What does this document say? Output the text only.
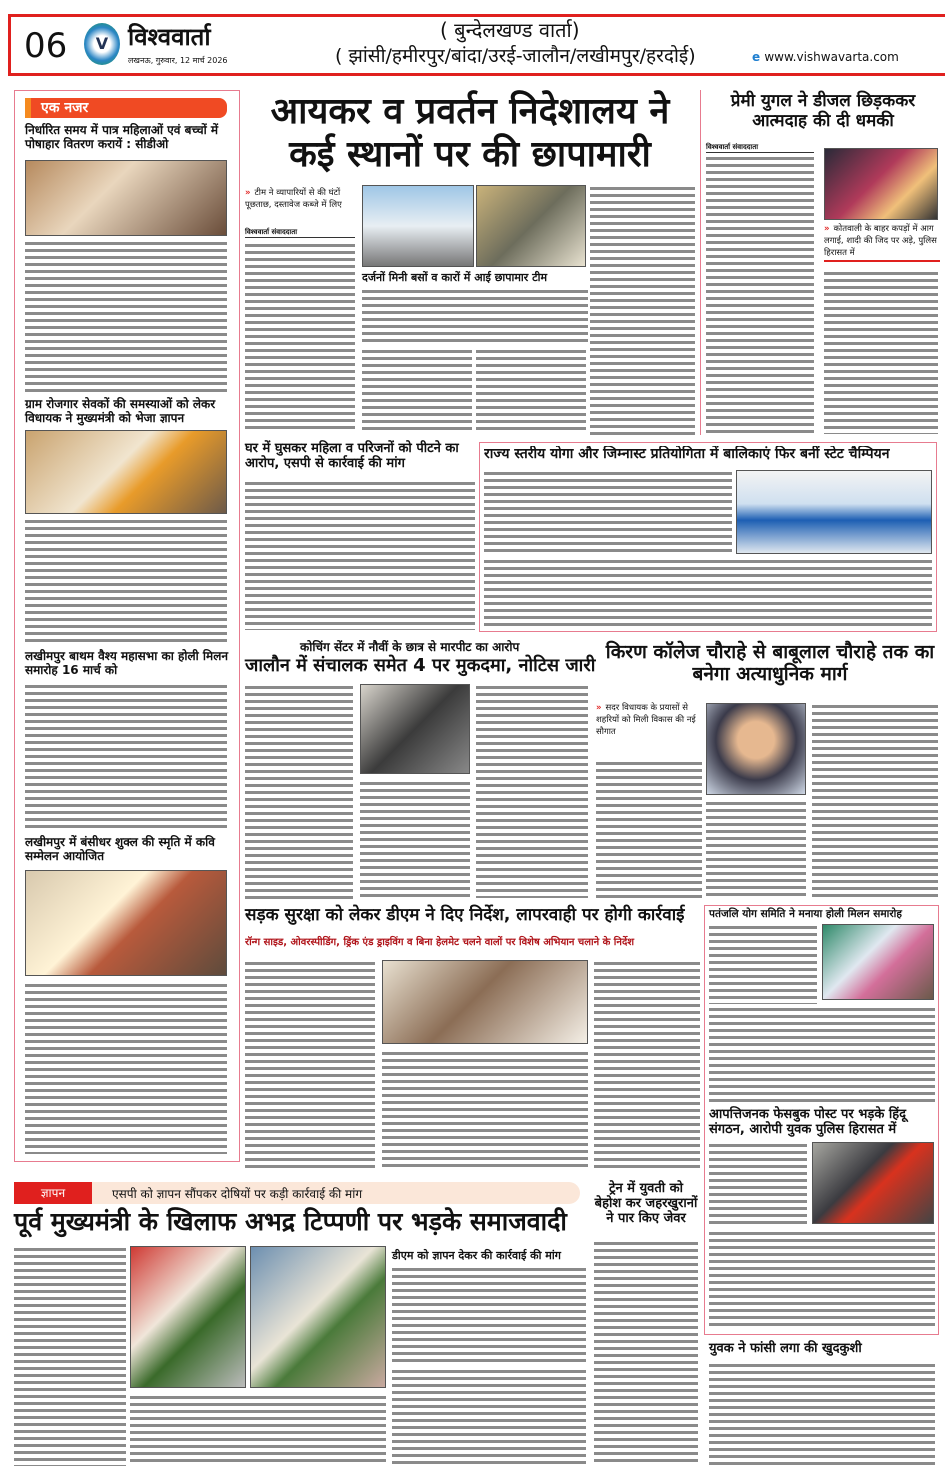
06	V विश्ववार्ता
लखनऊ, गुरुवार, 12 मार्च 2026
( बुन्देलखण्ड वार्ता)
( झांसी/हमीरपुर/बांदा/उरई-जालौन/लखीमपुर/हरदोई)	e www.vishwavarta.com
एक नजर
निर्धारित समय में पात्र महिलाओं एवं बच्चों में पोषाहार वितरण करायें : सीडीओ
ग्राम रोजगार सेवकों की समस्याओं को लेकर विधायक ने मुख्यमंत्री को भेजा ज्ञापन
लखीमपुर बाथम वैश्य महासभा का होली मिलन समारोह 16 मार्च को
लखीमपुर में बंसीधर शुक्ल की स्मृति में कवि सम्मेलन आयोजित
आयकर व प्रवर्तन निदेशालय ने कई स्थानों पर की छापामारी
» टीम ने व्यापारियों से की घंटों पूछताछ, दस्तावेज कब्जे में लिए
विश्ववार्ता संवाददाता
दर्जनों मिनी बसों व कारों में आई छापामार टीम
प्रेमी युगल ने डीजल छिड़ककर आत्मदाह की दी धमकी
विश्ववार्ता संवाददाता
» कोतवाली के बाहर कपड़ों में आग लगाई, शादी की जिद पर अड़े, पुलिस हिरासत में
घर में घुसकर महिला व परिजनों को पीटने का आरोप, एसपी से कार्रवाई की मांग
राज्य स्तरीय योगा और जिम्नास्ट प्रतियोगिता में बालिकाएं फिर बनीं स्टेट चैम्पियन
कोचिंग सेंटर में नौवीं के छात्र से मारपीट का आरोप
जालौन में संचालक समेत 4 पर मुकदमा, नोटिस जारी
किरण कॉलेज चौराहे से बाबूलाल चौराहे तक का बनेगा अत्याधुनिक मार्ग
» सदर विधायक के प्रयासों से शहरियों को मिली विकास की नई सौगात
सड़क सुरक्षा को लेकर डीएम ने दिए निर्देश, लापरवाही पर होगी कार्रवाई
रॉन्ग साइड, ओवरस्पीडिंग, ड्रिंक एंड ड्राइविंग व बिना हेलमेट चलने वालों पर विशेष अभियान चलाने के निर्देश
पतंजलि योग समिति ने मनाया होली मिलन समारोह
आपत्तिजनक फेसबुक पोस्ट पर भड़के हिंदू संगठन, आरोपी युवक पुलिस हिरासत में
ज्ञापन	एसपी को ज्ञापन सौंपकर दोषियों पर कड़ी कार्रवाई की मांग
पूर्व मुख्यमंत्री के खिलाफ अभद्र टिप्पणी पर भड़के समाजवादी
डीएम को ज्ञापन देकर की कार्रवाई की मांग
ट्रेन में युवती को बेहोश कर जहरखुरानों ने पार किए जेवर
युवक ने फांसी लगा की खुदकुशी
